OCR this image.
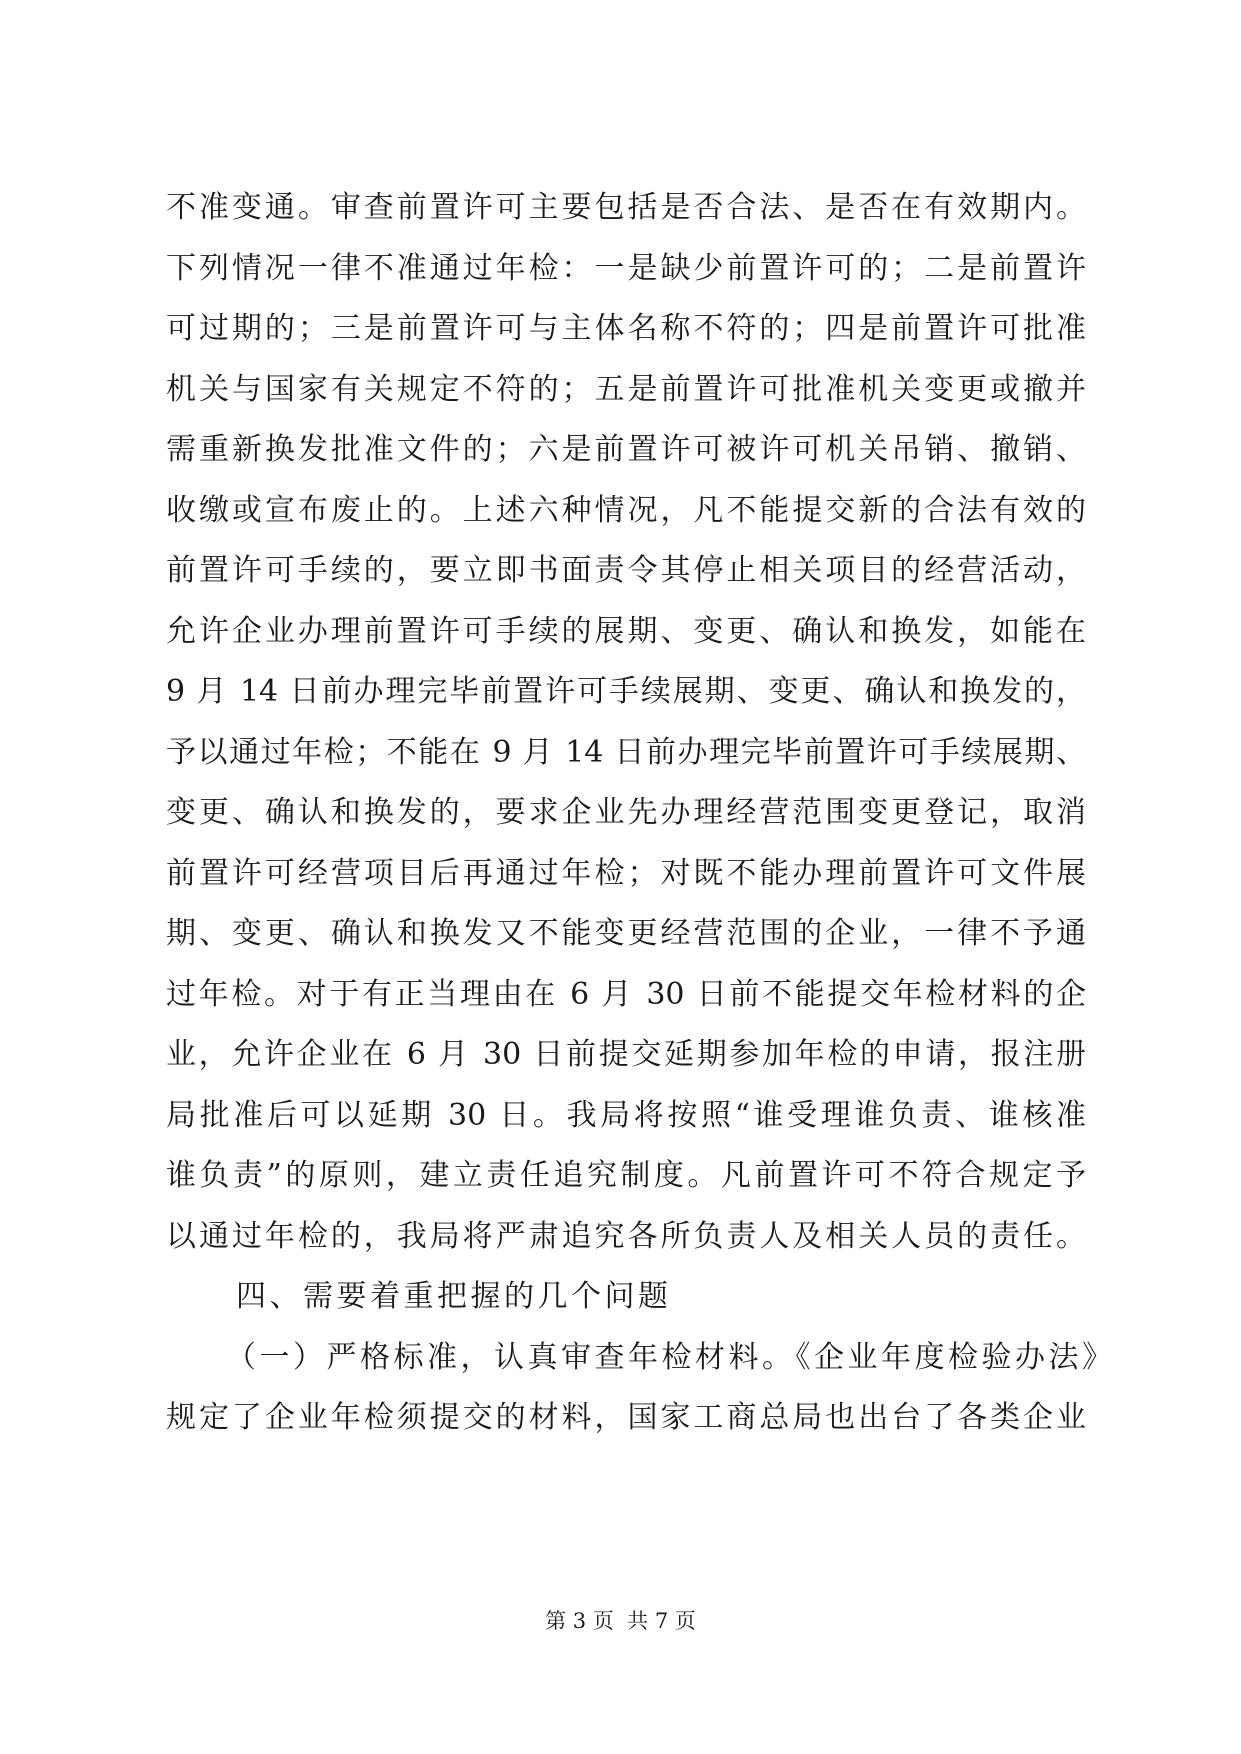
不准变通。审查前置许可主要包括是否合法、是否在有效期内。
下列情况一律不准通过年检：一是缺少前置许可的；二是前置许
可过期的；三是前置许可与主体名称不符的；四是前置许可批准
机关与国家有关规定不符的；五是前置许可批准机关变更或撤并
需重新换发批准文件的；六是前置许可被许可机关吊销、撤销、
收缴或宣布废止的。上述六种情况，凡不能提交新的合法有效的
前置许可手续的，要立即书面责令其停止相关项目的经营活动，
允许企业办理前置许可手续的展期、变更、确认和换发，如能在
9 月 14 日前办理完毕前置许可手续展期、变更、确认和换发的，
予以通过年检；不能在 9 月 14 日前办理完毕前置许可手续展期、
变更、确认和换发的，要求企业先办理经营范围变更登记，取消
前置许可经营项目后再通过年检；对既不能办理前置许可文件展
期、变更、确认和换发又不能变更经营范围的企业，一律不予通
过年检。对于有正当理由在 6 月 30 日前不能提交年检材料的企
业，允许企业在 6 月 30 日前提交延期参加年检的申请，报注册
局批准后可以延期 30 日。我局将按照“谁受理谁负责、谁核准
谁负责”的原则，建立责任追究制度。凡前置许可不符合规定予
以通过年检的，我局将严肃追究各所负责人及相关人员的责任。
四、需要着重把握的几个问题
（一）严格标准，认真审查年检材料。《企业年度检验办法》
规定了企业年检须提交的材料，国家工商总局也出台了各类企业
第 3 页  共 7 页
